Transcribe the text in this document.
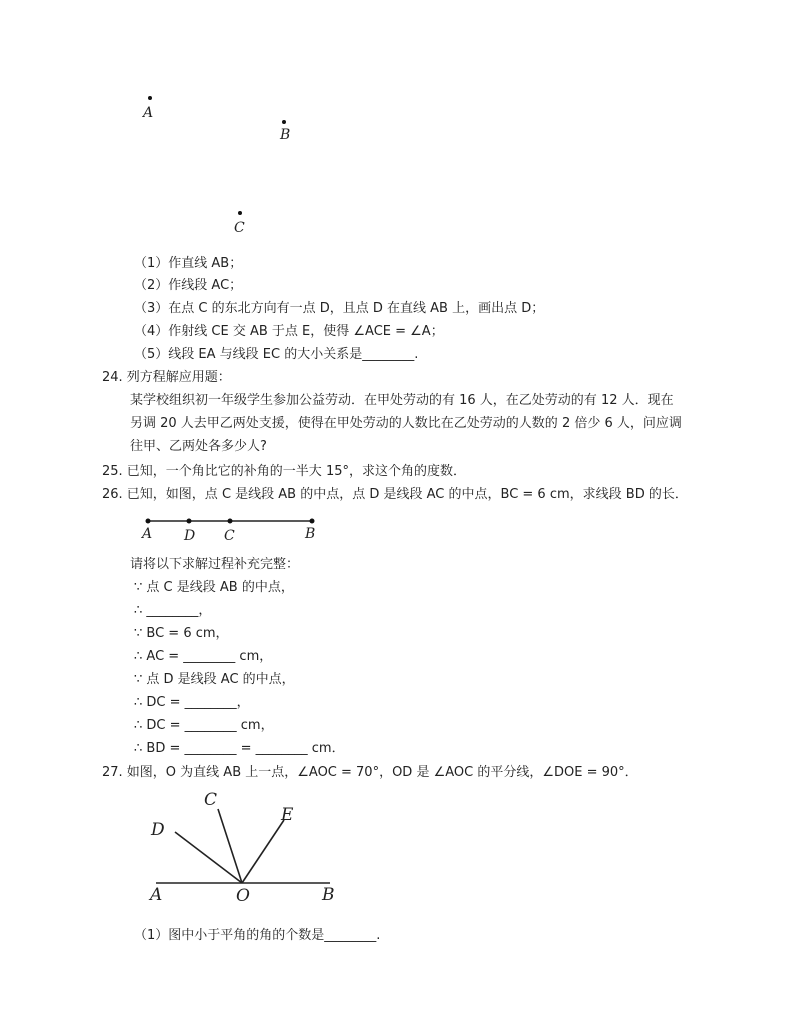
A
B
C
（1）作直线 AB；
（2）作线段 AC；
（3）在点 C 的东北方向有一点 D，且点 D 在直线 AB 上，画出点 D；
（4）作射线 CE 交 AB 于点 E，使得 ∠ACE = ∠A；
（5）线段 EA 与线段 EC 的大小关系是________.
24. 列方程解应用题：
某学校组织初一年级学生参加公益劳动．在甲处劳动的有 16 人，在乙处劳动的有 12 人．现在
另调 20 人去甲乙两处支援，使得在甲处劳动的人数比在乙处劳动的人数的 2 倍少 6 人，问应调
往甲、乙两处各多少人?
25. 已知，一个角比它的补角的一半大 15°，求这个角的度数．
26. 已知，如图，点 C 是线段 AB 的中点，点 D 是线段 AC 的中点，BC = 6 cm，求线段 BD 的长．
A D C	B
请将以下求解过程补充完整：
∵ 点 C 是线段 AB 的中点，
∴ ________，
∵ BC = 6 cm，
∴ AC = ________ cm，
∵ 点 D 是线段 AC 的中点，
∴ DC = ________，
∴ DC = ________ cm，
∴ BD = ________ = ________ cm．
27. 如图，O 为直线 AB 上一点，∠AOC = 70°，OD 是 ∠AOC 的平分线，∠DOE = 90°．
C
D
E
A	O	B
（1）图中小于平角的角的个数是________.
